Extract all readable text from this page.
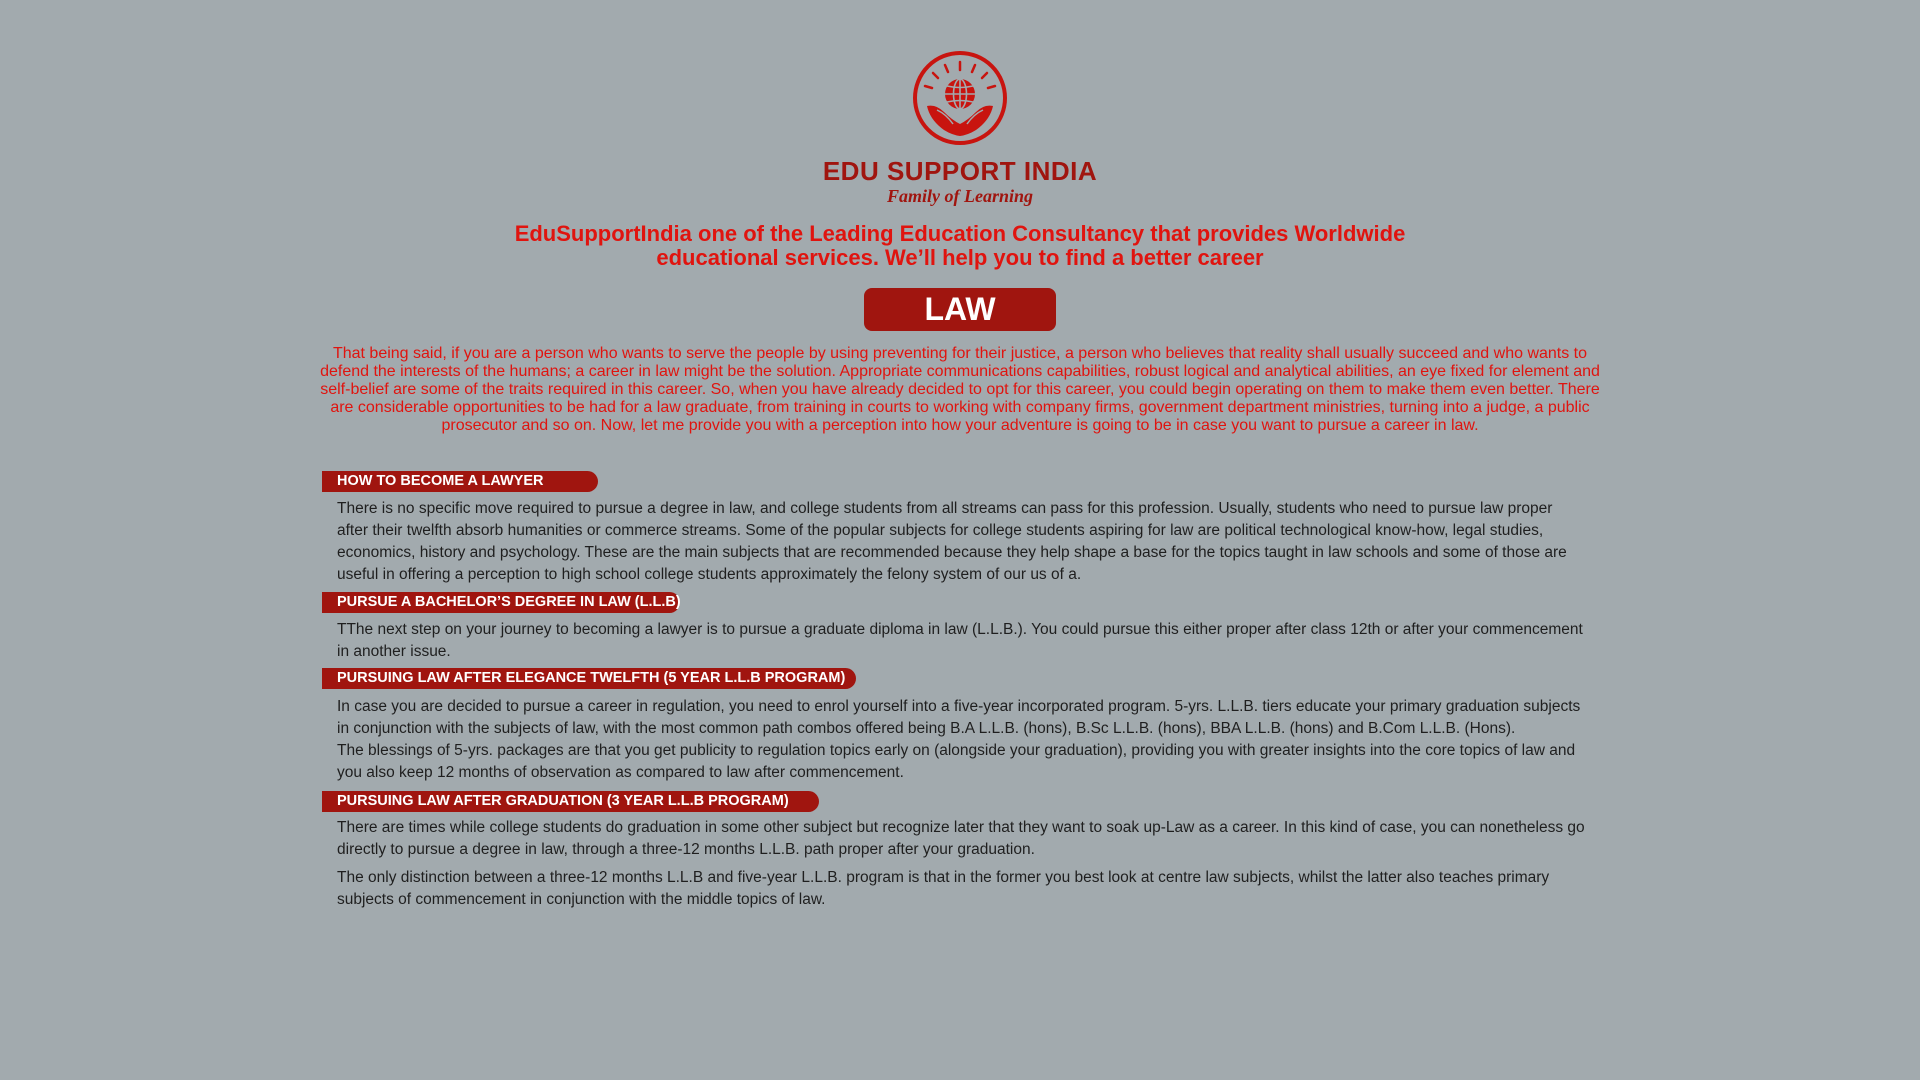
EDU SUPPORT INDIA
Family of Learning
EduSupportIndia one of the Leading Education Consultancy that provides Worldwide educational services. We’ll help you to find a better career
LAW
That being said, if you are a person who wants to serve the people by using preventing for their justice, a person who believes that reality shall usually succeed and who wants to defend the interests of the humans; a career in law might be the solution. Appropriate communications capabilities, robust logical and analytical abilities, an eye fixed for element and self-belief are some of the traits required in this career. So, when you have already decided to opt for this career, you could begin operating on them to make them even better. There are considerable opportunities to be had for a law graduate, from training in courts to working with company firms, government department ministries, turning into a judge, a public prosecutor and so on. Now, let me provide you with a perception into how your adventure is going to be in case you want to pursue a career in law.
HOW TO BECOME A LAWYER

There is no specific move required to pursue a degree in law, and college students from all streams can pass for this profession. Usually, students who need to pursue law proper after their twelfth absorb humanities or commerce streams. Some of the popular subjects for college students aspiring for law are political technological know-how, legal studies, economics, history and psychology. These are the main subjects that are recommended because they help shape a base for the topics taught in law schools and some of those are useful in offering a perception to high school college students approximately the felony system of our us of a.

PURSUE A BACHELOR’S DEGREE IN LAW (L.L.B)

TThe next step on your journey to becoming a lawyer is to pursue a graduate diploma in law (L.L.B.). You could pursue this either proper after class 12th or after your commencement in another issue.

PURSUING LAW AFTER ELEGANCE TWELFTH (5 YEAR L.L.B PROGRAM)

In case you are decided to pursue a career in regulation, you need to enrol yourself into a five-year incorporated program. 5-yrs. L.L.B. tiers educate your primary graduation subjects in conjunction with the subjects of law, with the most common path combos offered being B.A L.L.B. (hons), B.Sc L.L.B. (hons), BBA L.L.B. (hons) and B.Com L.L.B. (Hons).

The blessings of 5-yrs. packages are that you get publicity to regulation topics early on (alongside your graduation), providing you with greater insights into the core topics of law and you also keep 12 months of observation as compared to law after commencement.

PURSUING LAW AFTER GRADUATION (3 YEAR L.L.B PROGRAM)

There are times while college students do graduation in some other subject but recognize later that they want to soak up-Law as a career. In this kind of case, you can nonetheless go directly to pursue a degree in law, through a three-12 months L.L.B. path proper after your graduation.

The only distinction between a three-12 months L.L.B and five-year L.L.B. program is that in the former you best look at centre law subjects, whilst the latter also teaches primary subjects of commencement in conjunction with the middle topics of law.
